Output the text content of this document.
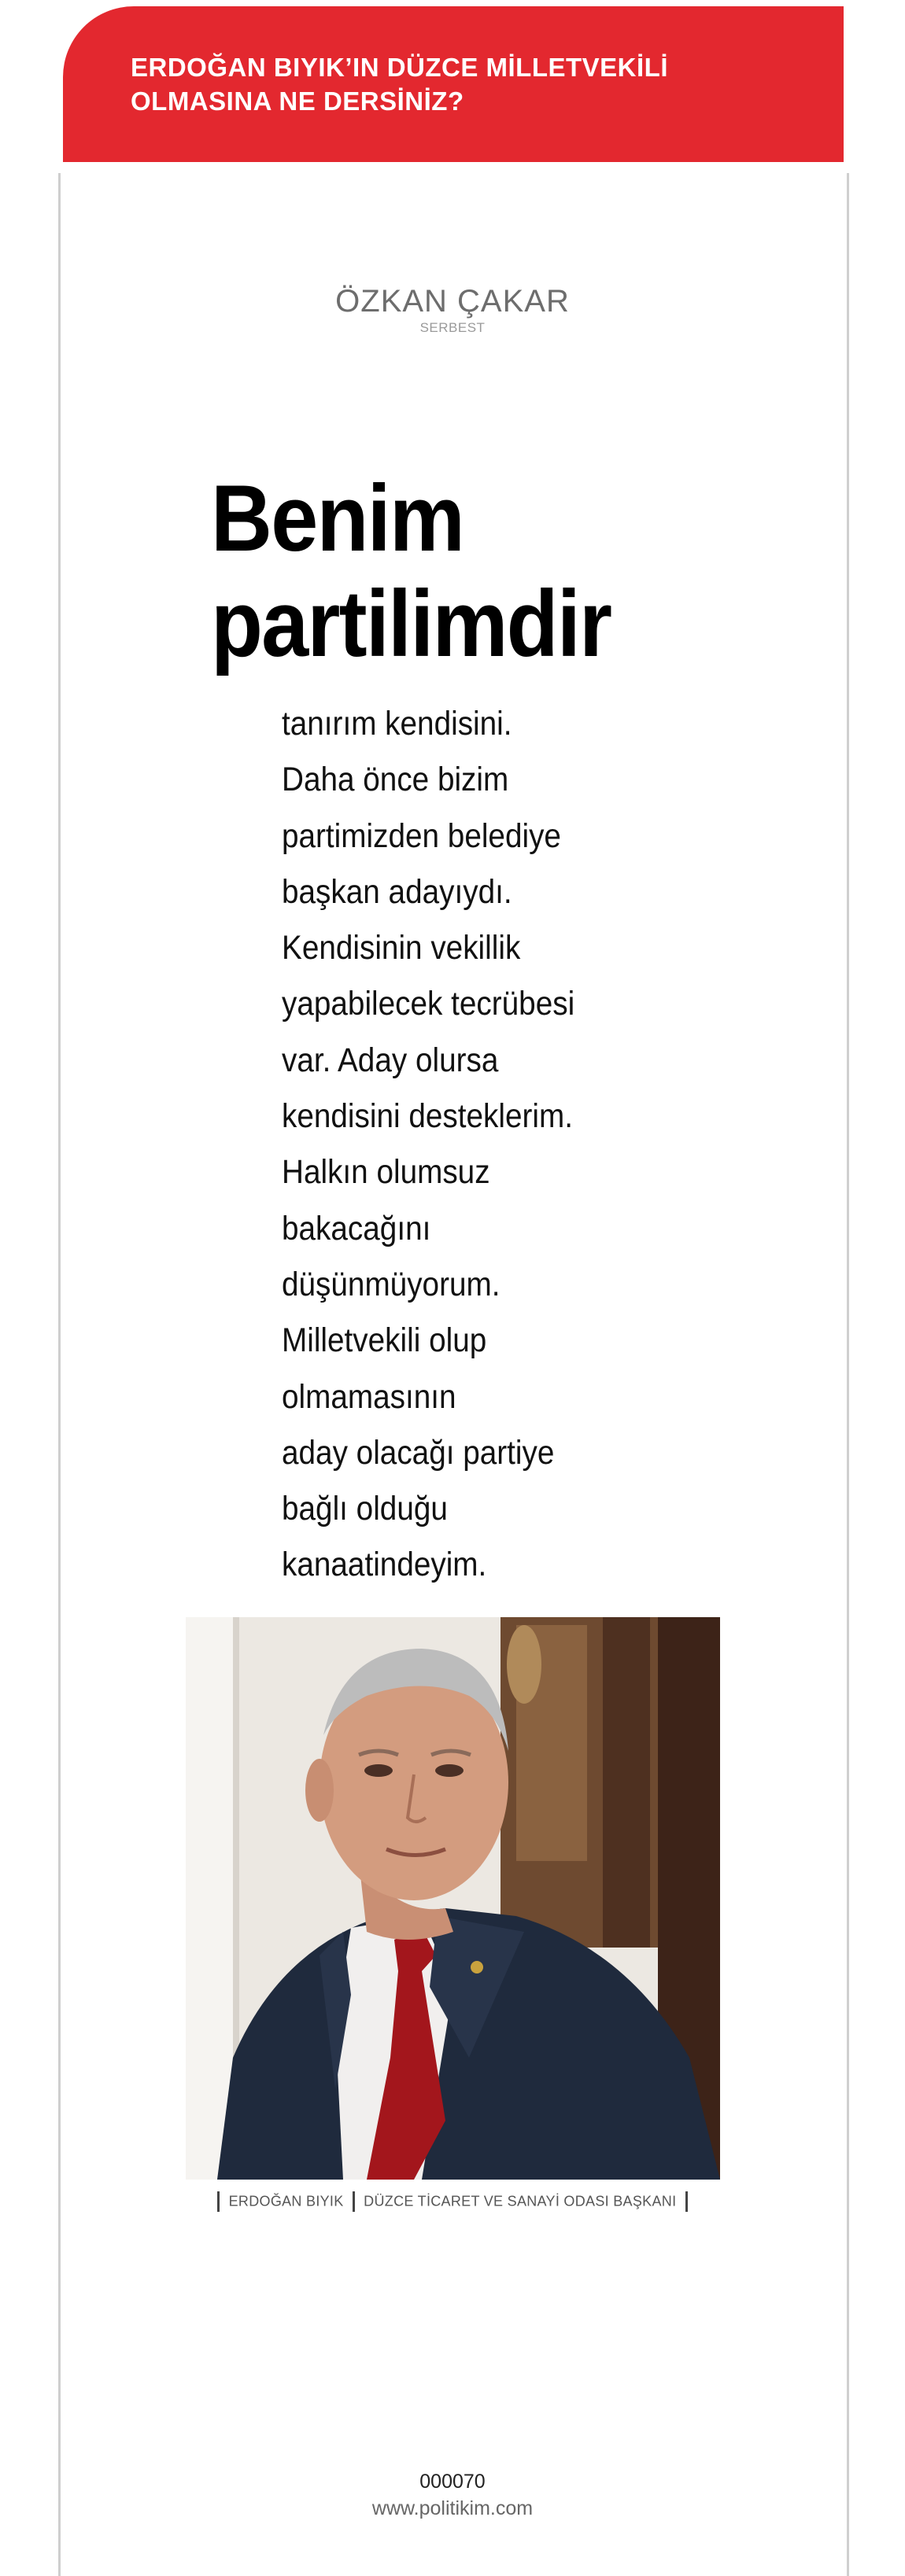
ERDOĞAN BIYIK’IN DÜZCE MİLLETVEKİLİ
OLMASINA NE DERSİNİZ?
ÖZKAN ÇAKAR
SERBEST
Benim
partilimdir
tanırım kendisini.
Daha önce bizim
partimizden belediye
başkan adayıydı.
Kendisinin vekillik
yapabilecek tecrübesi
var. Aday olursa
kendisini desteklerim.
Halkın olumsuz
bakacağını
düşünmüyorum.
Milletvekili olup
olmamasının
aday olacağı partiye
bağlı olduğu
kanaatindeyim.
ERDOĞAN BIYIK DÜZCE TİCARET VE SANAYİ ODASI BAŞKANI
000070
www.politikim.com
